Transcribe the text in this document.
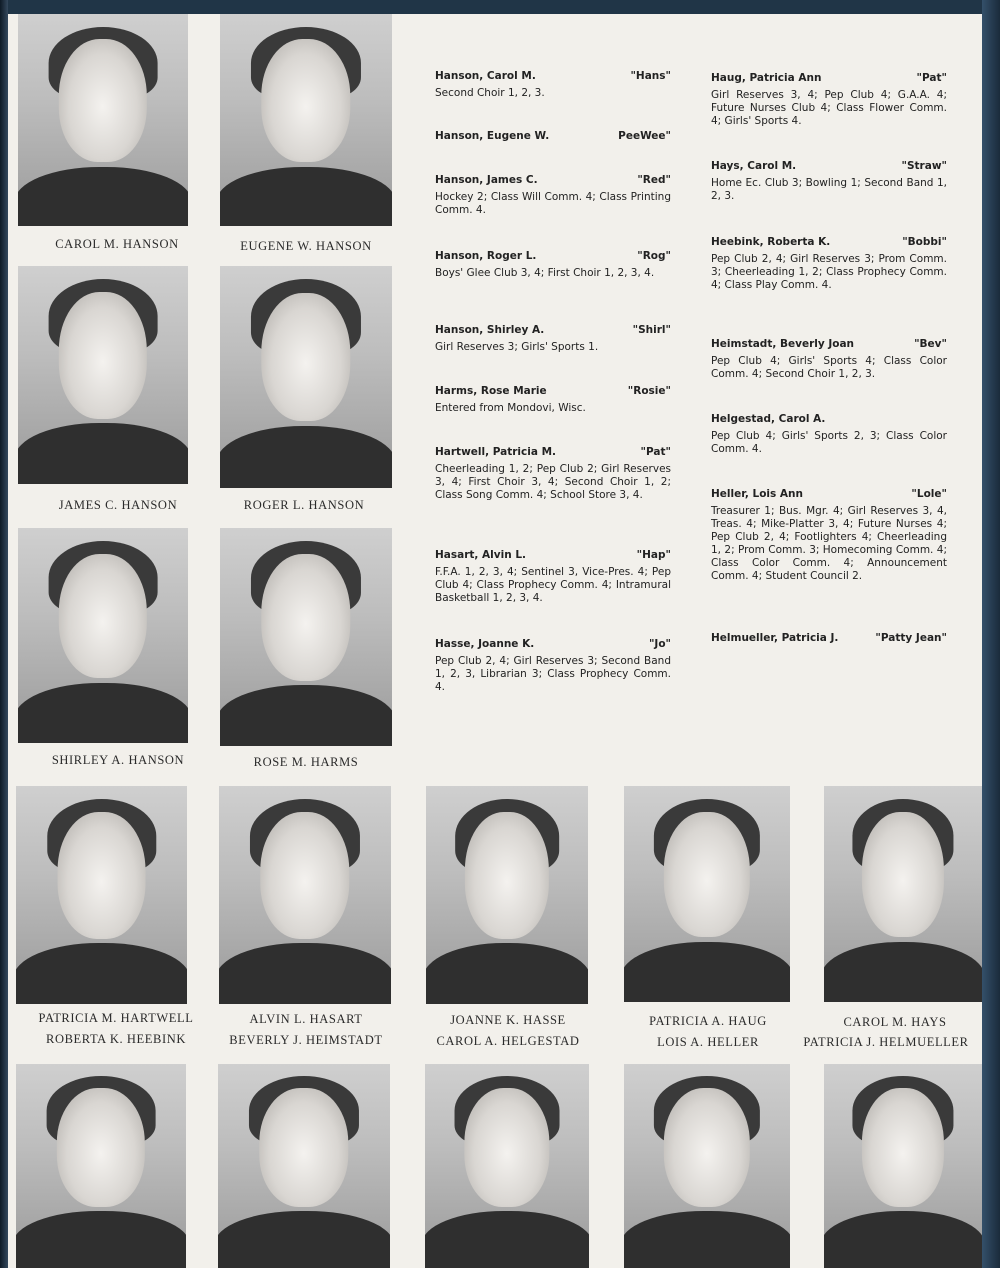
CAROL M. HANSON	EUGENE W. HANSON
JAMES C. HANSON	ROGER L. HANSON
SHIRLEY A. HANSON	ROSE M. HARMS
Hanson, Carol M.	"Hans"
Second Choir 1, 2, 3.
Hanson, Eugene W.	PeeWee"
Hanson, James C.	"Red"
Hockey 2; Class Will Comm. 4; Class Printing Comm. 4.
Hanson, Roger L.	"Rog"
Boys' Glee Club 3, 4; First Choir 1, 2, 3, 4.
Hanson, Shirley A.	"Shirl"
Girl Reserves 3; Girls' Sports 1.
Harms, Rose Marie	"Rosie"
Entered from Mondovi, Wisc.
Hartwell, Patricia M.	"Pat"
Cheerleading 1, 2; Pep Club 2; Girl Reserves 3, 4; First Choir 3, 4; Second Choir 1, 2; Class Song Comm. 4; School Store 3, 4.
Hasart, Alvin L.	"Hap"
F.F.A. 1, 2, 3, 4; Sentinel 3, Vice-Pres. 4; Pep Club 4; Class Prophecy Comm. 4; Intramural Basketball 1, 2, 3, 4.
Hasse, Joanne K.	"Jo"
Pep Club 2, 4; Girl Reserves 3; Second Band 1, 2, 3, Librarian 3; Class Prophecy Comm. 4.
Haug, Patricia Ann	"Pat"
Girl Reserves 3, 4; Pep Club 4; G.A.A. 4; Future Nurses Club 4; Class Flower Comm. 4; Girls' Sports 4.
Hays, Carol M.	"Straw"
Home Ec. Club 3; Bowling 1; Second Band 1, 2, 3.
Heebink, Roberta K.	"Bobbi"
Pep Club 2, 4; Girl Reserves 3; Prom Comm. 3; Cheerleading 1, 2; Class Prophecy Comm. 4; Class Play Comm. 4.
Heimstadt, Beverly Joan	"Bev"
Pep Club 4; Girls' Sports 4; Class Color Comm. 4; Second Choir 1, 2, 3.
Helgestad, Carol A.
Pep Club 4; Girls' Sports 2, 3; Class Color Comm. 4.
Heller, Lois Ann	"Lole"
Treasurer 1; Bus. Mgr. 4; Girl Reserves 3, 4, Treas. 4; Mike-Platter 3, 4; Future Nurses 4; Pep Club 2, 4; Footlighters 4; Cheerleading 1, 2; Prom Comm. 3; Homecoming Comm. 4; Class Color Comm. 4; Announcement Comm. 4; Student Council 2.
Helmueller, Patricia J.	"Patty Jean"
PATRICIA M. HARTWELL	ALVIN L. HASART	JOANNE K. HASSE	PATRICIA A. HAUG	CAROL M. HAYS
ROBERTA K. HEEBINK	BEVERLY J. HEIMSTADT	CAROL A. HELGESTAD	LOIS A. HELLER	PATRICIA J. HELMUELLER
